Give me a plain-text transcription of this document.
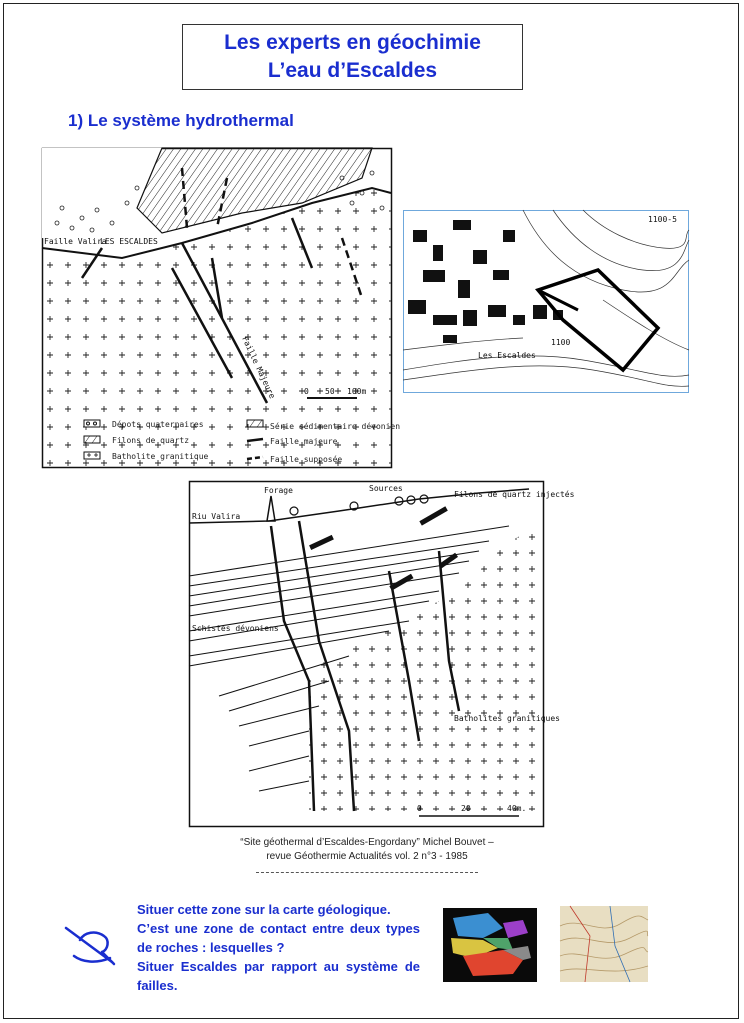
Les experts en géochimie
L’eau d’Escaldes
1) Le système hydrothermal
Faille Valira
LES ESCALDES
Faille Majeure	0 50 100m
Dépots quaternaires
Filons de quartz
Batholite granitique
Série sédimentaire dévonien
Faille majeure
Faille supposée
Les Escaldes
1100
1100-5
Riu Valira
Forage	Sources
Filons de quartz injectés
Schistes dévoniens
Batholites granitiques
0	20	40m.
“Site géothermal d’Escaldes-Engordany” Michel Bouvet –
revue Géothermie Actualités vol. 2 n°3 - 1985

Situer cette zone sur la carte géologique.

C’est une zone de contact entre deux types de roches : lesquelles ?

Situer Escaldes par rapport au système de failles.
